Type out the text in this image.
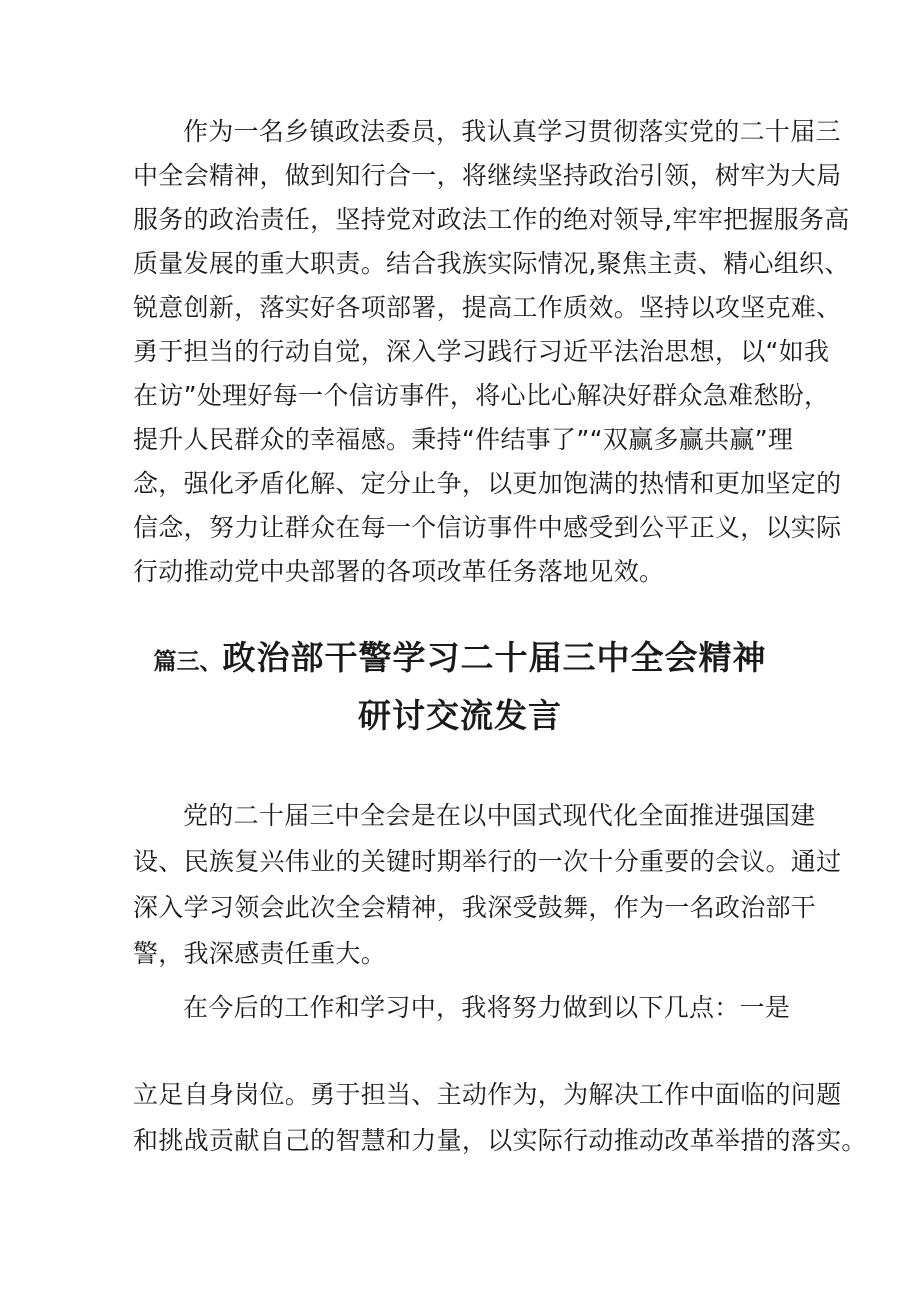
作为一名乡镇政法委员，我认真学习贯彻落实党的二十届三

中全会精神，做到知行合一，将继续坚持政治引领，树牢为大局

服务的政治责任，坚持党对政法工作的绝对领导,牢牢把握服务高

质量发展的重大职责。结合我族实际情况,聚焦主责、精心组织、

锐意创新，落实好各项部署，提高工作质效。坚持以攻坚克难、

勇于担当的行动自觉，深入学习践行习近平法治思想，以“如我

在访”处理好每一个信访事件，将心比心解决好群众急难愁盼，

提升人民群众的幸福感。秉持“件结事了”“双赢多赢共赢”理

念，强化矛盾化解、定分止争，以更加饱满的热情和更加坚定的

信念，努力让群众在每一个信访事件中感受到公平正义，以实际

行动推动党中央部署的各项改革任务落地见效。

篇三、政治部干警学习二十届三中全会精神
研讨交流发言

党的二十届三中全会是在以中国式现代化全面推进强国建

设、民族复兴伟业的关键时期举行的一次十分重要的会议。通过

深入学习领会此次全会精神，我深受鼓舞，作为一名政治部干

警，我深感责任重大。

在今后的工作和学习中，我将努力做到以下几点：一是

立足自身岗位。勇于担当、主动作为，为解决工作中面临的问题

和挑战贡献自己的智慧和力量，以实际行动推动改革举措的落实。
